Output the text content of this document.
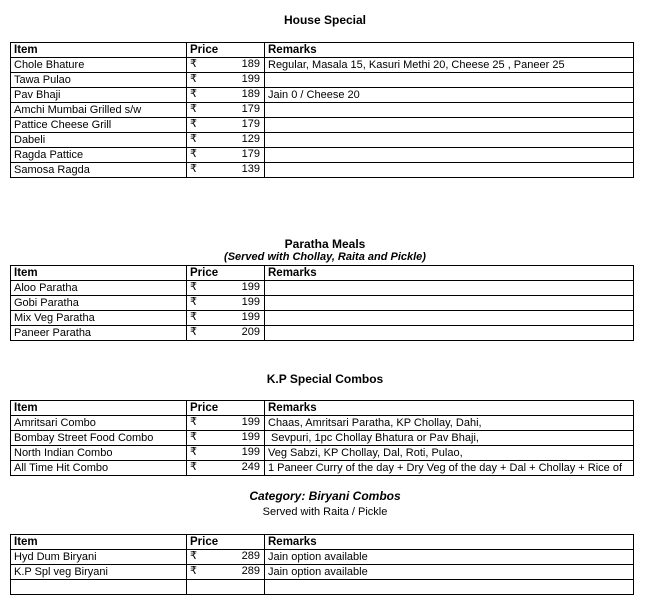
House Special
Item	Price	Remarks
Chole Bhature	₹ 189	Regular, Masala 15, Kasuri Methi 20, Cheese 25 , Paneer 25
Tawa Pulao	₹ 199	

Pav Bhaji	₹ 189	Jain 0 / Cheese 20
Amchi Mumbai Grilled s/w	₹ 179	

Pattice Cheese Grill	₹ 179	

Dabeli	₹ 129	

Ragda Pattice	₹ 179	

Samosa Ragda	₹ 139	

Paratha Meals
(Served with Chollay, Raita and Pickle)
Item	Price	Remarks
Aloo Paratha	₹ 199	

Gobi Paratha	₹ 199	

Mix Veg Paratha	₹ 199	

Paneer Paratha	₹ 209	

K.P Special Combos
Item	Price	Remarks
Amritsari Combo	₹ 199	Chaas, Amritsari Paratha, KP Chollay, Dahi,
Bombay Street Food Combo	₹ 199	Sevpuri, 1pc Chollay Bhatura or Pav Bhaji,
North Indian Combo	₹ 199	Veg Sabzi, KP Chollay, Dal, Roti, Pulao,
All Time Hit Combo	₹ 249	1 Paneer Curry of the day + Dry Veg of the day + Dal + Chollay + Rice of
Category: Biryani Combos
Served with Raita / Pickle
Item	Price	Remarks
Hyd Dum Biryani	₹ 289	Jain option available
K.P Spl veg Biryani	₹ 289	Jain option available
